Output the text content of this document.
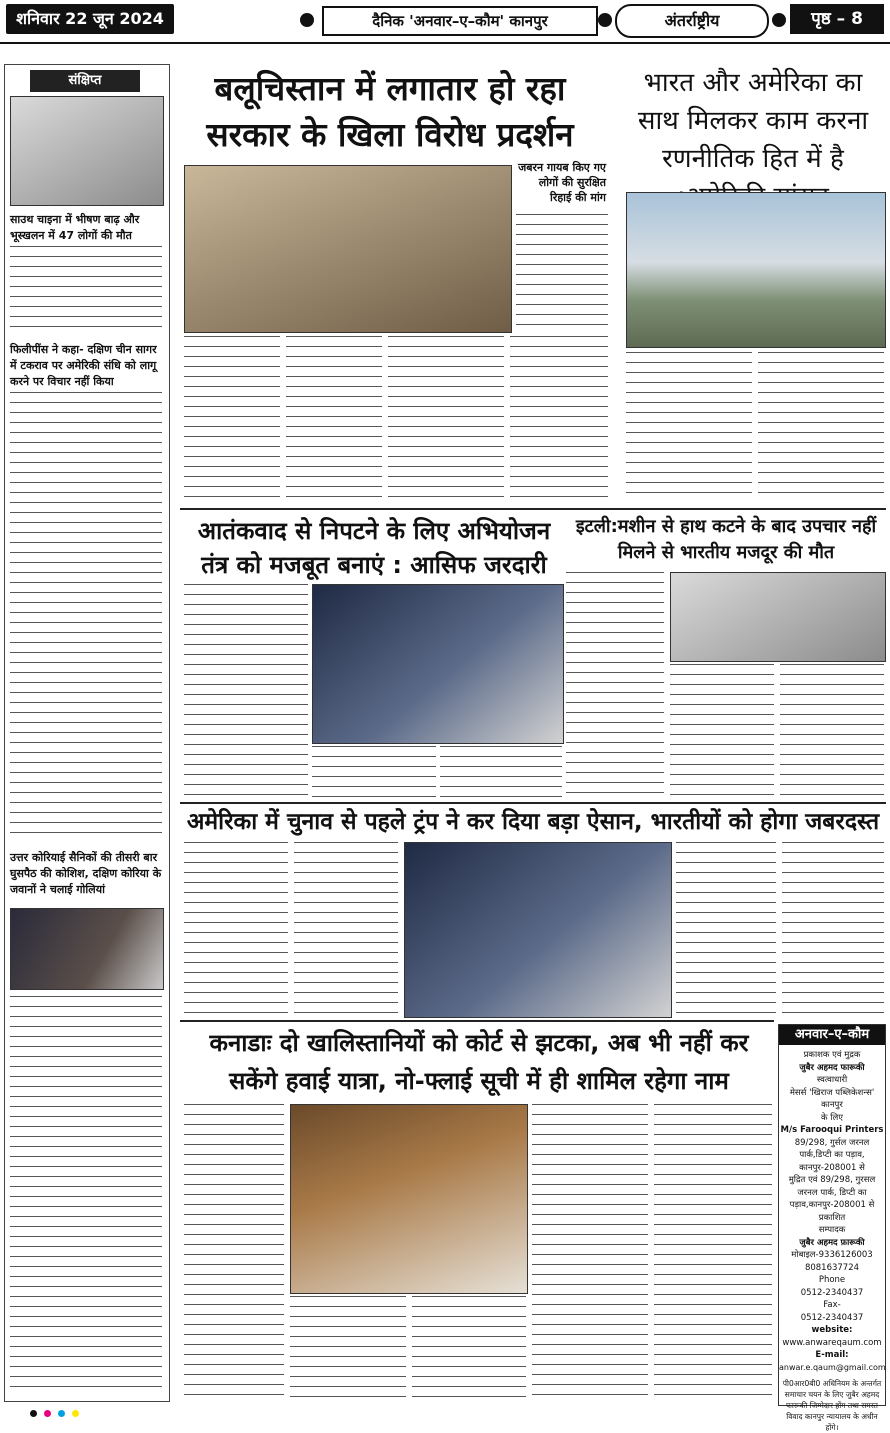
शनिवार 22 जून 2024	दैनिक 'अनवार–ए–कौम' कानपुर	अंतर्राष्ट्रीय	पृष्ठ – 8
संक्षिप्त
साउथ चाइना में भीषण बाढ़ और भूस्खलन में 47 लोगों की मौत
फिलीपींस ने कहा- दक्षिण चीन सागर में टकराव पर अमेरिकी संधि को लागू करने पर विचार नहीं किया
उत्तर कोरियाई सैनिकों की तीसरी बार घुसपैठ की कोशिश, दक्षिण कोरिया के जवानों ने चलाई गोलियां
बलूचिस्तान में लगातार हो रहा सरकार के खिला विरोध प्रदर्शन
जबरन गायब किए गए लोगों की सुरक्षित रिहाई की मांग
भारत और अमेरिका का साथ मिलकर काम करना रणनीतिक हित में है
आतंकवाद से निपटने के लिए अभियोजन तंत्र को मजबूत बनाएं : आसिफ जरदारी
इटली:मशीन से हाथ कटने के बाद उपचार नहीं मिलने से भारतीय मजदूर की मौत
अमेरिका में चुनाव से पहले ट्रंप ने कर दिया बड़ा ऐसान, भारतीयों को होगा जबरदस्त
कनाडाः दो खालिस्तानियों को कोर्ट से झटका, अब भी नहीं कर सकेंगे हवाई यात्रा, नो-फ्लाई सूची में ही शामिल रहेगा नाम
अनवार–ए–कौम
प्रकाशक एवं मुद्रक
जुबैर अहमद फारूकी
स्वत्वाधारी
मेसर्स 'खिराज पब्लिकेशन्स'
कानपुर
के लिए
M/s Farooqui Printers
89/298, गुर्सल जरनल पार्क,डिप्टी का पड़ाव, कानपुर-208001 से
मुद्रित एवं 89/298, गुरसल जरनल पार्क, डिप्टी का पड़ाव,कानपुर-208001 से प्रकाशित
सम्पादक
जुबैर अहमद फ़ारूकी
मोबाइल-9336126003
8081637724
Phone
0512-2340437
Fax-
0512-2340437
website:
www.anwareqaum.com
E-mail:
anwar.e.qaum@gmail.com
पी0आर0बी0 अधिनियम के अन्तर्गत समाचार चयन के लिए जुबैर अहमद फारूकी जिम्मेदार होंग तथा समस्त विवाद कानपुर न्यायालय के अधीन होंगे।
